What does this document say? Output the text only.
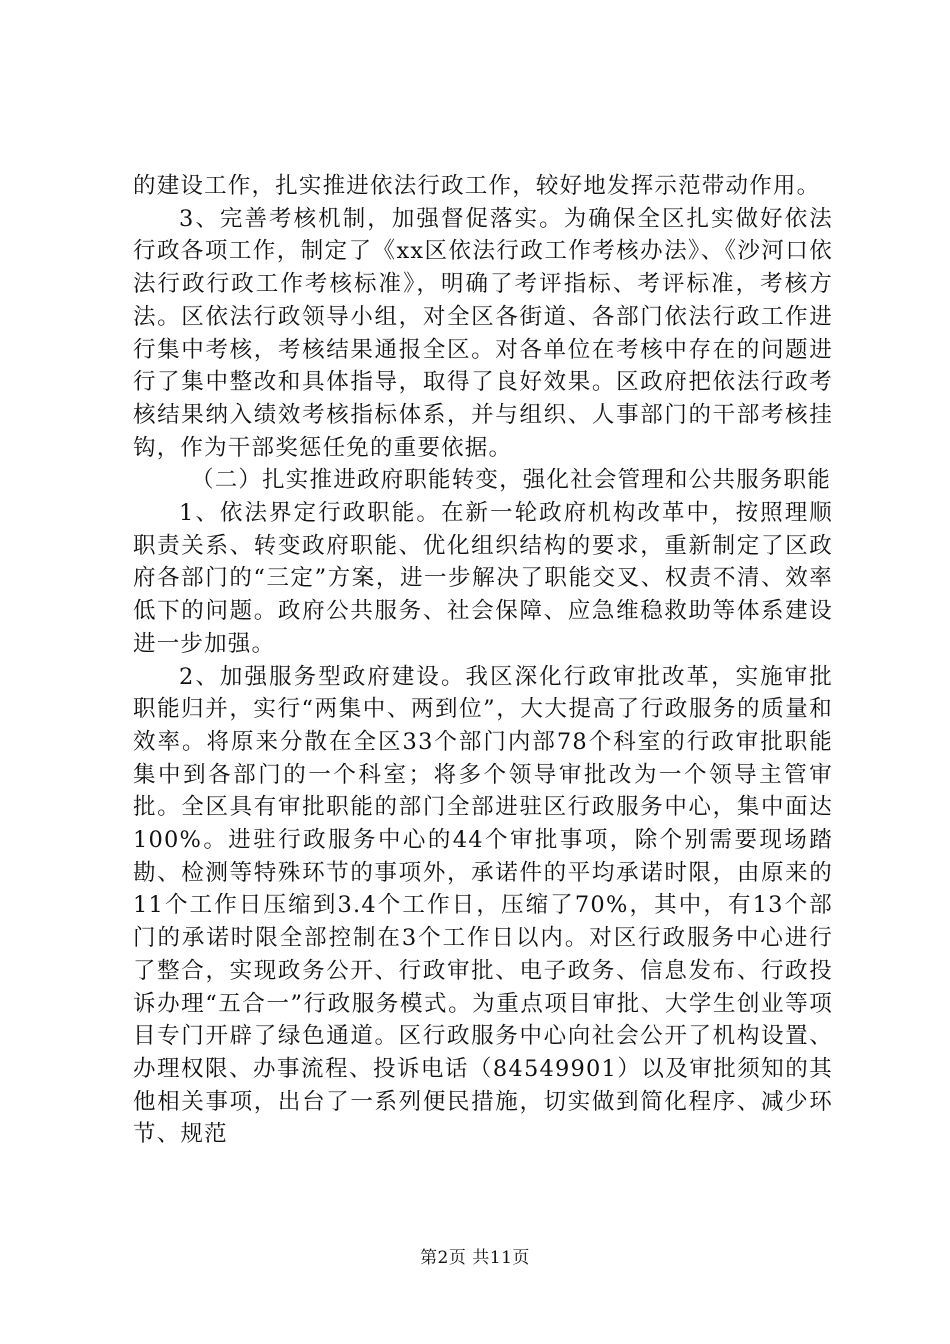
的建设工作，扎实推进依法行政工作，较好地发挥示范带动作用。

3、完善考核机制，加强督促落实。为确保全区扎实做好依法行政各项工作，制定了《xx区依法行政工作考核办法》、《沙河口依法行政行政工作考核标准》，明确了考评指标、考评标准，考核方法。区依法行政领导小组，对全区各街道、各部门依法行政工作进行集中考核，考核结果通报全区。对各单位在考核中存在的问题进行了集中整改和具体指导，取得了良好效果。区政府把依法行政考核结果纳入绩效考核指标体系，并与组织、人事部门的干部考核挂钩，作为干部奖惩任免的重要依据。

（二）扎实推进政府职能转变，强化社会管理和公共服务职能

1、依法界定行政职能。在新一轮政府机构改革中，按照理顺职责关系、转变政府职能、优化组织结构的要求，重新制定了区政府各部门的“三定”方案，进一步解决了职能交叉、权责不清、效率低下的问题。政府公共服务、社会保障、应急维稳救助等体系建设进一步加强。

2、加强服务型政府建设。我区深化行政审批改革，实施审批职能归并，实行“两集中、两到位”，大大提高了行政服务的质量和效率。将原来分散在全区33个部门内部78个科室的行政审批职能集中到各部门的一个科室；将多个领导审批改为一个领导主管审批。全区具有审批职能的部门全部进驻区行政服务中心，集中面达100%。进驻行政服务中心的44个审批事项，除个别需要现场踏勘、检测等特殊环节的事项外，承诺件的平均承诺时限，由原来的11个工作日压缩到3.4个工作日，压缩了70%，其中，有13个部门的承诺时限全部控制在3个工作日以内。对区行政服务中心进行了整合，实现政务公开、行政审批、电子政务、信息发布、行政投诉办理“五合一”行政服务模式。为重点项目审批、大学生创业等项目专门开辟了绿色通道。区行政服务中心向社会公开了机构设置、办理权限、办事流程、投诉电话（84549901）以及审批须知的其他相关事项，出台了一系列便民措施，切实做到简化程序、减少环节、规范

第2页 共11页
